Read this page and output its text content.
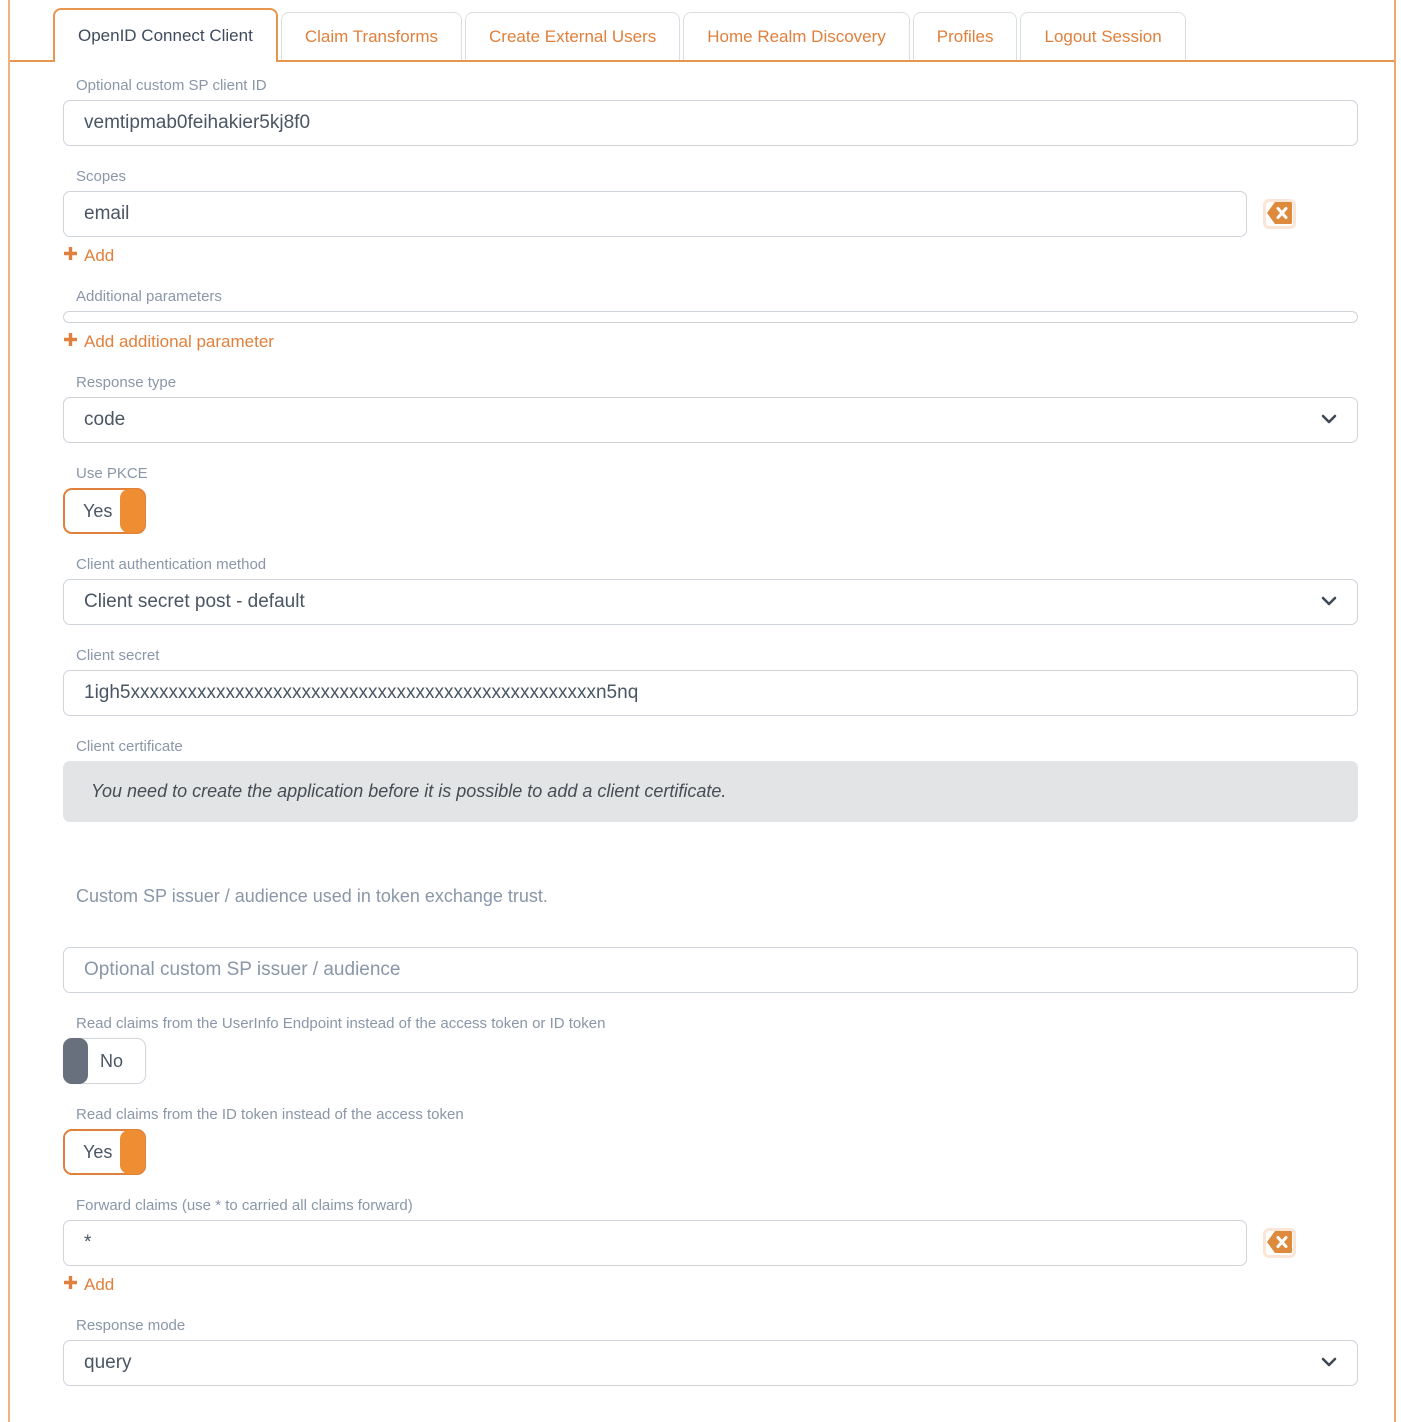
OpenID Connect Client	Claim Transforms	Create External Users	Home Realm Discovery	Profiles	Logout Session
Optional custom SP client ID
vemtipmab0feihakier5kj8f0
Scopes
email
Add
Additional parameters
Add additional parameter
Response type
code
Use PKCE
Yes
Client authentication method
Client secret post - default
Client secret
1igh5xxxxxxxxxxxxxxxxxxxxxxxxxxxxxxxxxxxxxxxxxxxxxxxxxn5nq
Client certificate
You need to create the application before it is possible to add a client certificate.
Custom SP issuer / audience used in token exchange trust.
Optional custom SP issuer / audience
Read claims from the UserInfo Endpoint instead of the access token or ID token
No
Read claims from the ID token instead of the access token
Yes
Forward claims (use * to carried all claims forward)
*
Add
Response mode
query
